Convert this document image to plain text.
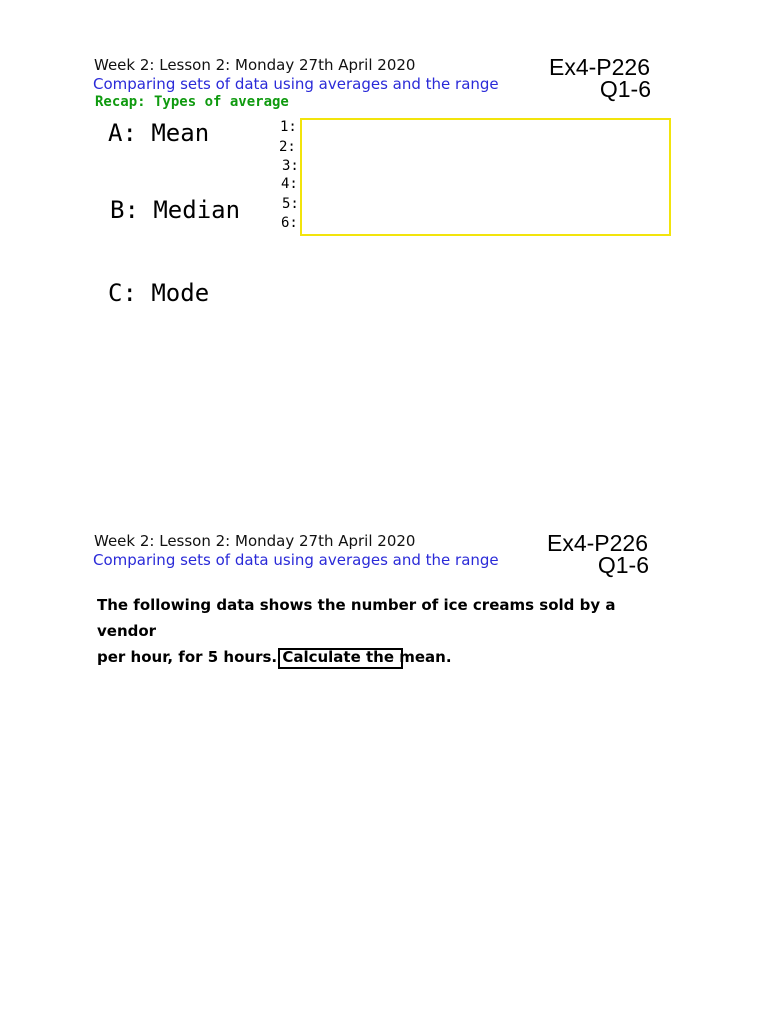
Week 2: Lesson 2: Monday 27th April 2020
Comparing sets of data using averages and the range
Ex4-P226
Q1-6
Recap: Types of average
A: Mean
B: Median
C: Mode
1:
2:
3:
4:
5:
6:
Week 2: Lesson 2: Monday 27th April 2020
Comparing sets of data using averages and the range
Ex4-P226
Q1-6
The following data shows the number of ice creams sold by a vendor
per hour, for 5 hours. Calculate the mean.
